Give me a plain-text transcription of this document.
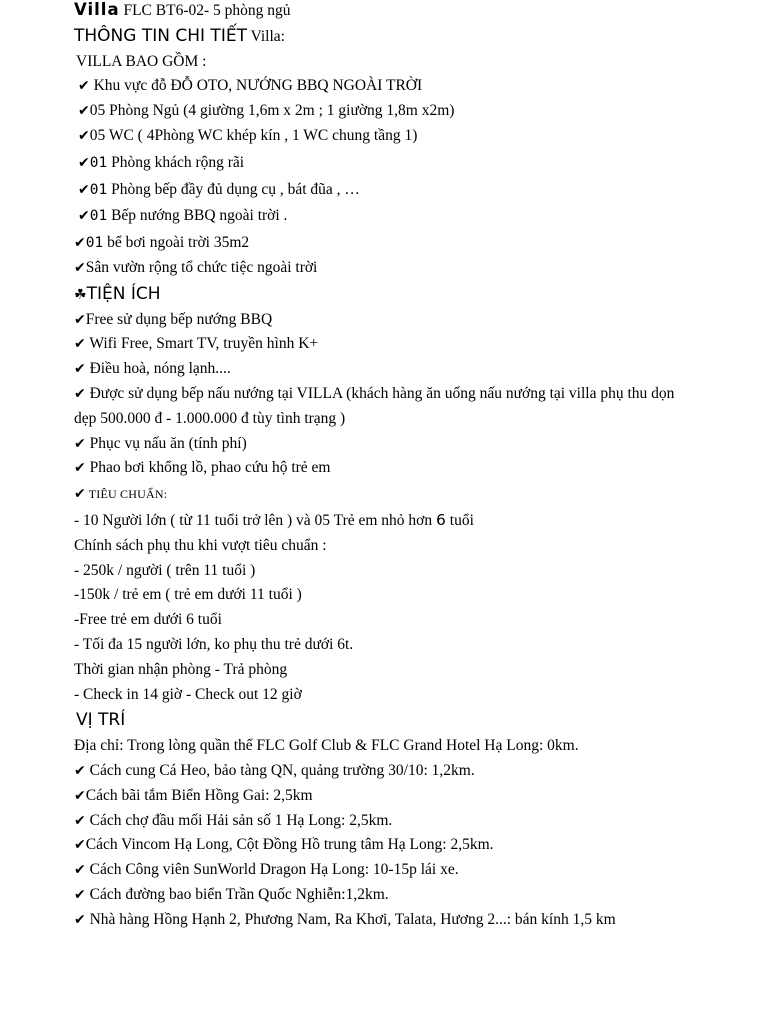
Villa FLC BT6-02- 5 phòng ngủ
THÔNG TIN CHI TIẾT Villa:
VILLA BAO GỒM :
✔ Khu vực đỗ ĐỖ OTO, NƯỚNG BBQ NGOÀI TRỜI
✔05 Phòng Ngủ (4 giường 1,6m x 2m ; 1 giường 1,8m x2m)
✔05 WC ( 4Phòng WC khép kín , 1 WC chung tầng 1)
✔01 Phòng khách rộng rãi
✔01 Phòng bếp đầy đủ dụng cụ , bát đũa , …
✔01 Bếp nướng BBQ ngoài trời .
✔01 bể bơi ngoài trời 35m2
✔Sân vườn rộng tổ chức tiệc ngoài trời
☘TIỆN ÍCH
✔Free sử dụng bếp nướng BBQ
✔ Wifi Free, Smart TV, truyền hình K+
✔ Điều hoà, nóng lạnh....
✔ Được sử dụng bếp nấu nướng tại VILLA (khách hàng ăn uống nấu nướng tại villa phụ thu dọn dẹp 500.000 đ - 1.000.000 đ tùy tình trạng )
✔ Phục vụ nấu ăn (tính phí)
✔ Phao bơi khổng lồ, phao cứu hộ trẻ em
✔ TIÊU CHUẨN:
- 10 Người lớn ( từ 11 tuổi trở lên ) và 05 Trẻ em nhỏ hơn 6 tuổi
Chính sách phụ thu khi vượt tiêu chuẩn :
- 250k / người ( trên 11 tuổi )
-150k / trẻ em ( trẻ em dưới 11 tuổi )
-Free trẻ em dưới 6 tuổi
- Tối đa 15 người lớn, ko phụ thu trẻ dưới 6t.
Thời gian nhận phòng - Trả phòng
- Check in 14 giờ - Check out 12 giờ
VỊ TRÍ
Địa chỉ: Trong lòng quần thể FLC Golf Club & FLC Grand Hotel Hạ Long: 0km.
✔ Cách cung Cá Heo, bảo tàng QN, quảng trường 30/10: 1,2km.
✔Cách bãi tắm Biển Hồng Gai: 2,5km
✔ Cách chợ đầu mối Hải sản số 1 Hạ Long: 2,5km.
✔Cách Vincom Hạ Long, Cột Đồng Hồ trung tâm Hạ Long: 2,5km.
✔ Cách Công viên SunWorld Dragon Hạ Long: 10-15p lái xe.
✔ Cách đường bao biển Trần Quốc Nghiễn:1,2km.
✔ Nhà hàng Hồng Hạnh 2, Phương Nam, Ra Khơi, Talata, Hương 2...: bán kính 1,5 km
